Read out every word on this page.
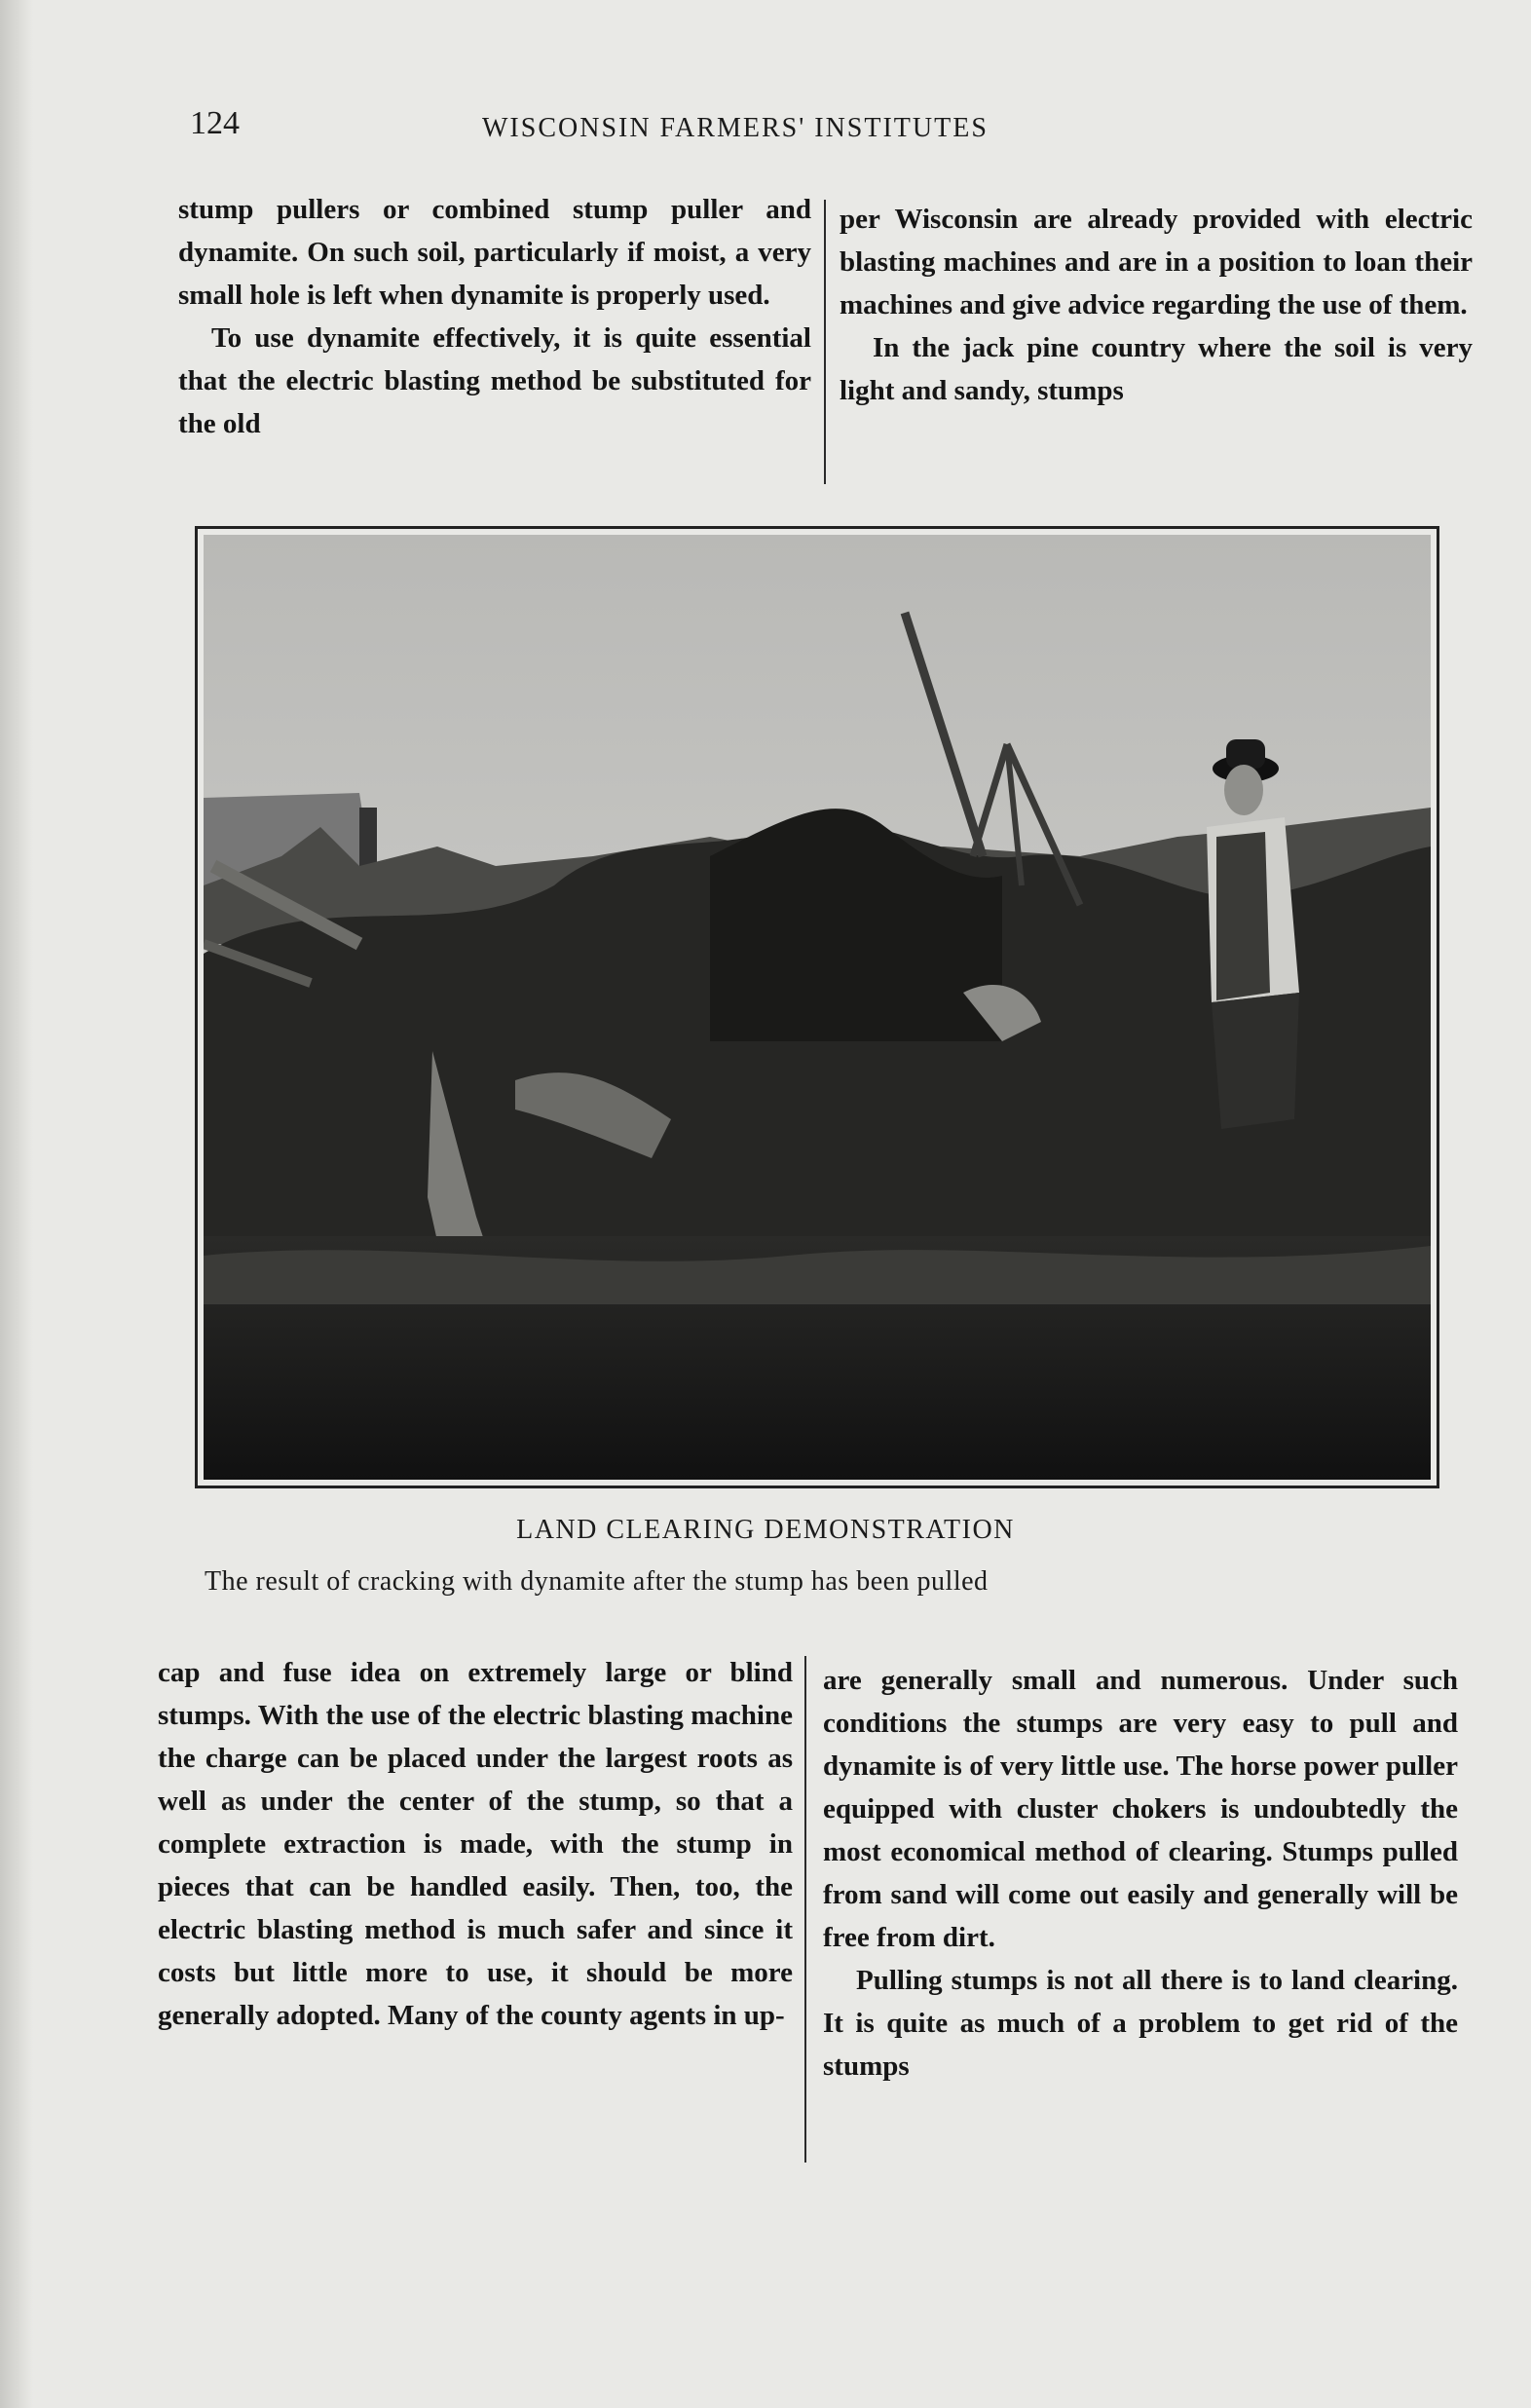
124	WISCONSIN FARMERS' INSTITUTES

stump pullers or combined stump puller and dynamite. On such soil, particularly if moist, a very small hole is left when dynamite is properly used.

To use dynamite effectively, it is quite essential that the electric blasting method be substituted for the old

per Wisconsin are already provided with electric blasting machines and are in a position to loan their machines and give advice regarding the use of them.

In the jack pine country where the soil is very light and sandy, stumps

LAND CLEARING DEMONSTRATION
The result of cracking with dynamite after the stump has been pulled

cap and fuse idea on extremely large or blind stumps. With the use of the electric blasting machine the charge can be placed under the largest roots as well as under the center of the stump, so that a complete extraction is made, with the stump in pieces that can be handled easily. Then, too, the electric blasting method is much safer and since it costs but little more to use, it should be more generally adopted. Many of the county agents in up-

are generally small and numerous. Under such conditions the stumps are very easy to pull and dynamite is of very little use. The horse power puller equipped with cluster chokers is undoubtedly the most economical method of clearing. Stumps pulled from sand will come out easily and generally will be free from dirt.

Pulling stumps is not all there is to land clearing. It is quite as much of a problem to get rid of the stumps
